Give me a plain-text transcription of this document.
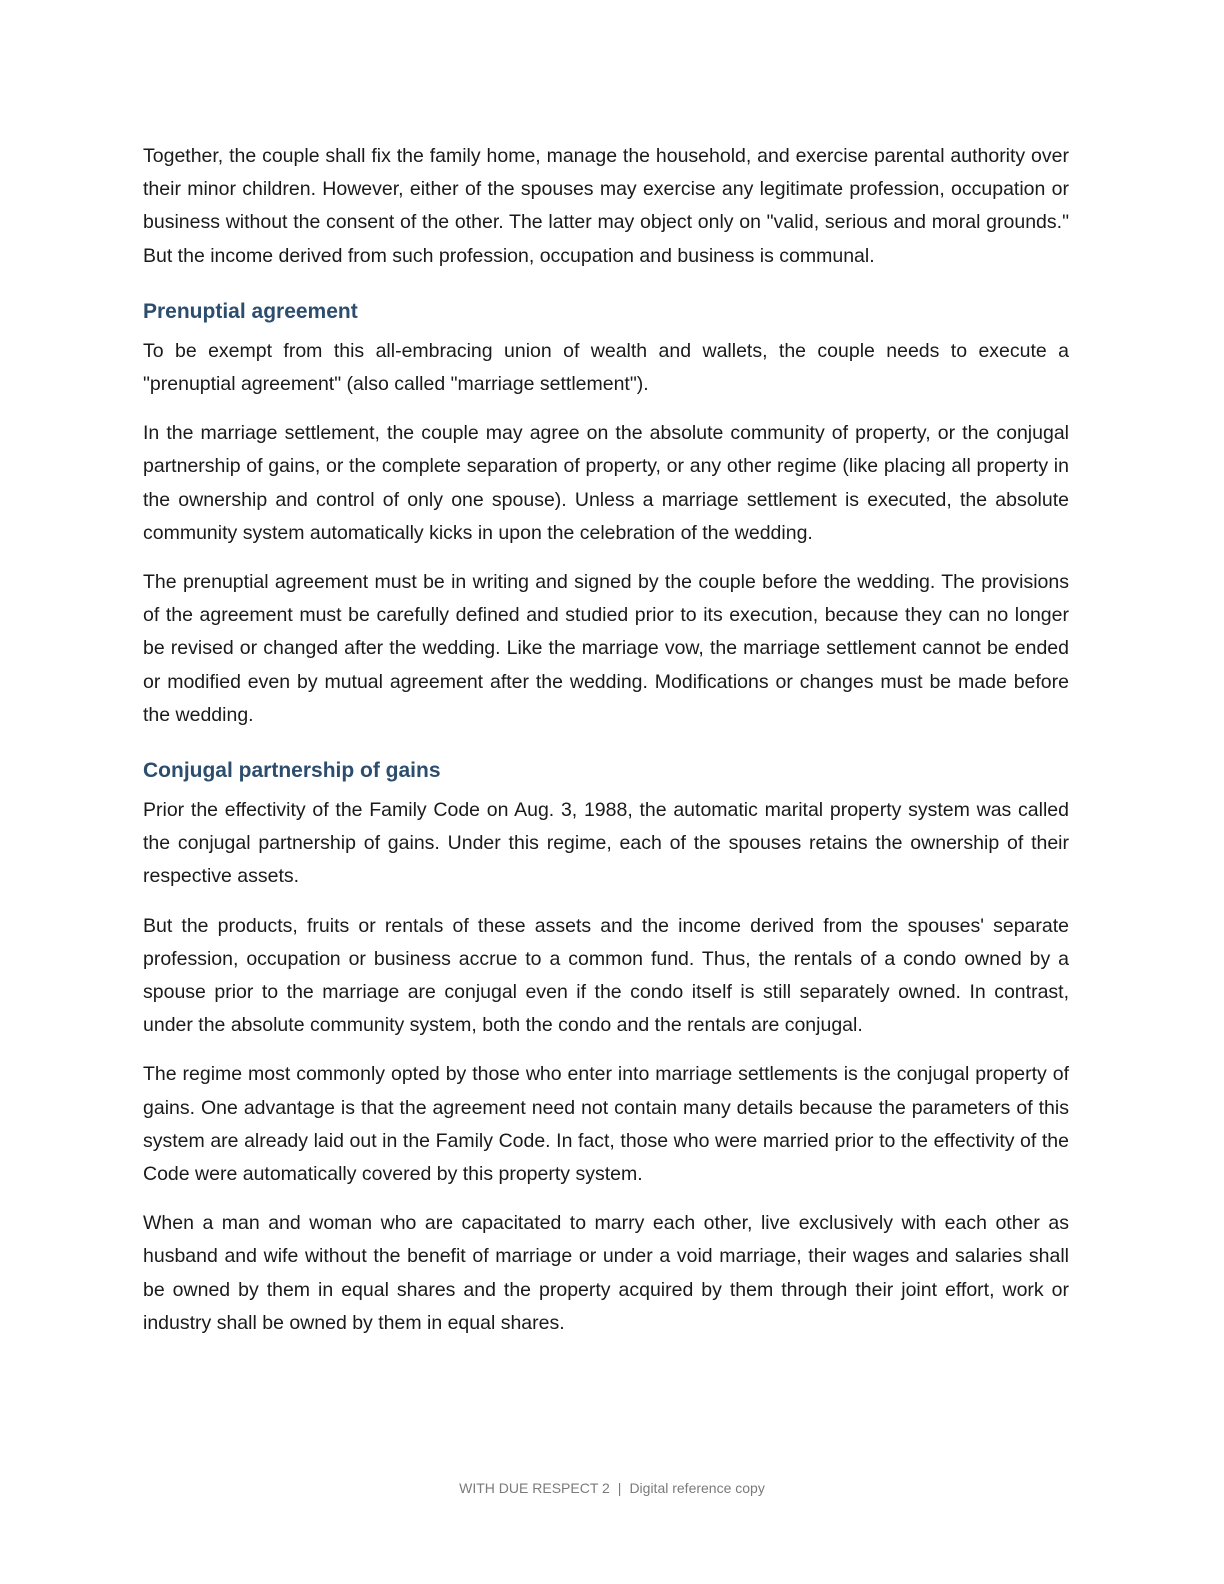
Together, the couple shall fix the family home, manage the household, and exercise parental authority over their minor children. However, either of the spouses may exercise any legitimate profession, occupation or business without the consent of the other. The latter may object only on "valid, serious and moral grounds." But the income derived from such profession, occupation and business is communal.

Prenuptial agreement

To be exempt from this all-embracing union of wealth and wallets, the couple needs to execute a "prenuptial agreement" (also called "marriage settlement").

In the marriage settlement, the couple may agree on the absolute community of property, or the conjugal partnership of gains, or the complete separation of property, or any other regime (like placing all property in the ownership and control of only one spouse). Unless a marriage settlement is executed, the absolute community system automatically kicks in upon the celebration of the wedding.

The prenuptial agreement must be in writing and signed by the couple before the wedding. The provisions of the agreement must be carefully defined and studied prior to its execution, because they can no longer be revised or changed after the wedding. Like the marriage vow, the marriage settlement cannot be ended or modified even by mutual agreement after the wedding. Modifications or changes must be made before the wedding.

Conjugal partnership of gains

Prior the effectivity of the Family Code on Aug. 3, 1988, the automatic marital property system was called the conjugal partnership of gains. Under this regime, each of the spouses retains the ownership of their respective assets.

But the products, fruits or rentals of these assets and the income derived from the spouses' separate profession, occupation or business accrue to a common fund. Thus, the rentals of a condo owned by a spouse prior to the marriage are conjugal even if the condo itself is still separately owned. In contrast, under the absolute community system, both the condo and the rentals are conjugal.

The regime most commonly opted by those who enter into marriage settlements is the conjugal property of gains. One advantage is that the agreement need not contain many details because the parameters of this system are already laid out in the Family Code. In fact, those who were married prior to the effectivity of the Code were automatically covered by this property system.

When a man and woman who are capacitated to marry each other, live exclusively with each other as husband and wife without the benefit of marriage or under a void marriage, their wages and salaries shall be owned by them in equal shares and the property acquired by them through their joint effort, work or industry shall be owned by them in equal shares.

WITH DUE RESPECT 2 | Digital reference copy
